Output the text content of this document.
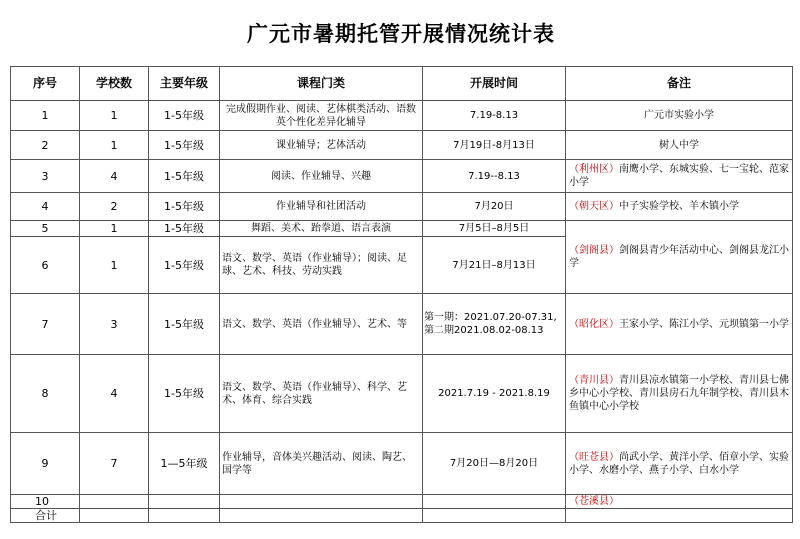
广元市暑期托管开展情况统计表
序号	学校数	主要年级	课程门类	开展时间	备注
1	1	1-5年级	完成假期作业、阅读、艺体棋类活动、语数英个性化差异化辅导	7.19-8.13	广元市实验小学
2	1	1-5年级	课业辅导；艺体活动	7月19日-8月13日	树人中学
3	4	1-5年级	阅读、作业辅导、兴趣	7.19--8.13	（利州区）南鹰小学、东城实验、七一宝轮、范家小学
4	2	1-5年级	作业辅导和社团活动	7月20日	（朝天区）中子实验学校、羊木镇小学
5	1	1-5年级	舞蹈、美术、跆拳道、语言表演	7月5日–8月5日	（剑阁县）剑阁县青少年活动中心、剑阁县龙江小学
6	1	1-5年级	语文、数学、英语（作业辅导）；阅读、足球、艺术、科技、劳动实践	7月21日–8月13日	
7	3	1-5年级	语文、数学、英语（作业辅导）、艺术、等	第一期：2021.07.20-07.31,
第二期2021.08.02-08.13	（昭化区）王家小学、陈江小学、元坝镇第一小学
8	4	1-5年级	语文、数学、英语（作业辅导）、科学、艺术、体育、综合实践	2021.7.19 - 2021.8.19	（青川县）青川县凉水镇第一小学校、青川县七佛乡中心小学校、青川县房石九年制学校、青川县木鱼镇中心小学校
9	7	1—5年级	作业辅导，音体美兴趣活动、阅读、陶艺、国学等	7月20日—8月20日	（旺苍县）尚武小学、黄洋小学、佰章小学、实验小学、水磨小学、燕子小学、白水小学
10					（苍溪县）
合计					
